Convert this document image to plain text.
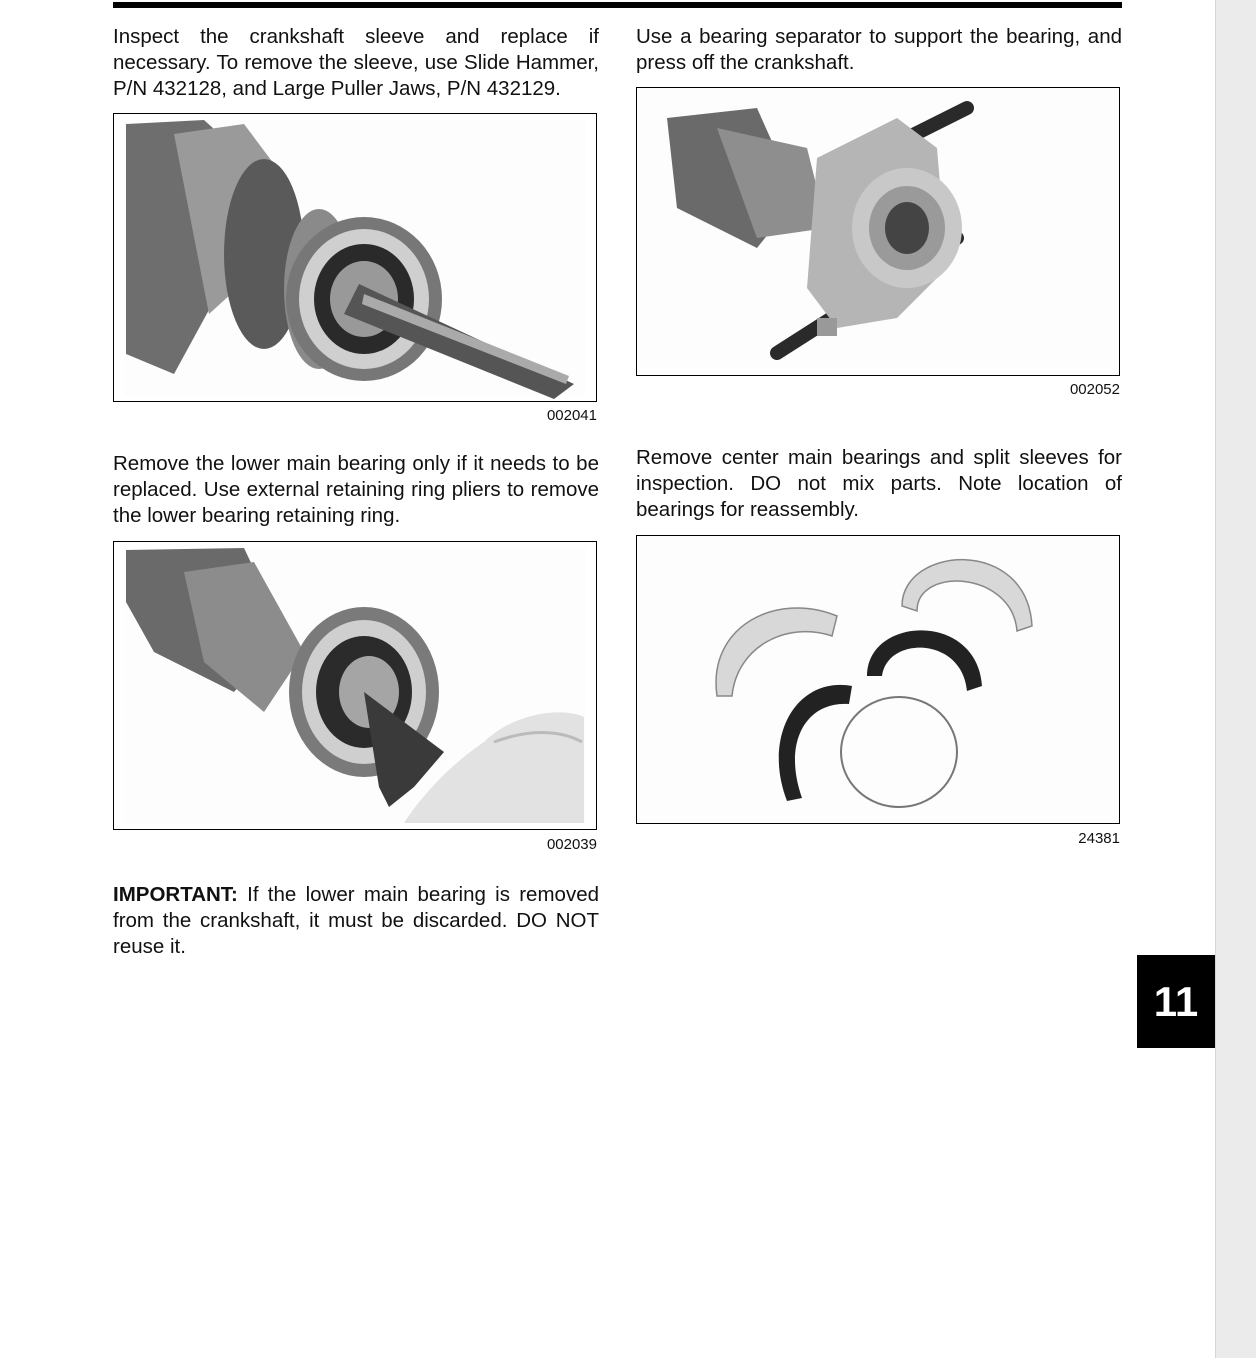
Inspect the crankshaft sleeve and replace if necessary. To remove the sleeve, use Slide Hammer, P/N 432128, and Large Puller Jaws, P/N 432129.

002041

Remove the lower main bearing only if it needs to be replaced. Use external retaining ring pliers to remove the lower bearing retaining ring.

002039

IMPORTANT: If the lower main bearing is removed from the crankshaft, it must be discarded. DO NOT reuse it.

Use a bearing separator to support the bearing, and press off the crankshaft.

002052

Remove center main bearings and split sleeves for inspection. DO not mix parts. Note location of bearings for reassembly.

24381
11
